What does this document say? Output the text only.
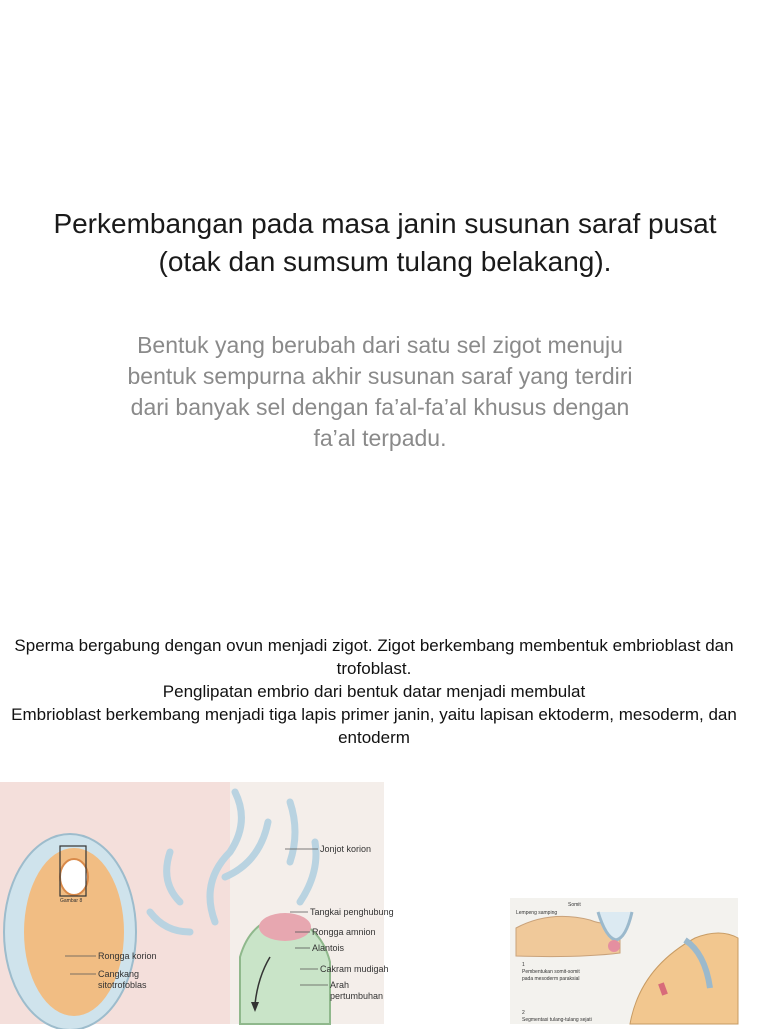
Perkembangan pada masa janin susunan saraf pusat (otak dan sumsum tulang belakang).

Bentuk yang berubah dari satu sel zigot menuju bentuk sempurna akhir susunan saraf yang terdiri dari banyak sel dengan fa’al-fa’al khusus dengan fa’al terpadu.

Sperma bergabung dengan ovun menjadi zigot. Zigot berkembang membentuk embrioblast dan trofoblast.

Penglipatan embrio dari bentuk datar menjadi membulat

Embrioblast berkembang menjadi tiga lapis primer janin, yaitu lapisan ektoderm, mesoderm, dan entoderm

Gambar 8
Jonjot korion
Tangkai penghubung
Rongga amnion
Alantois
Cakram mudigah
Arah
pertumbuhan
Rongga korion
Cangkang
sitotrofoblas
Lempeng samping
Somit
1
Pembentukan somit-somit
pada mesoderm paraksial
2
Segmentasi tulang-tulang sejati
